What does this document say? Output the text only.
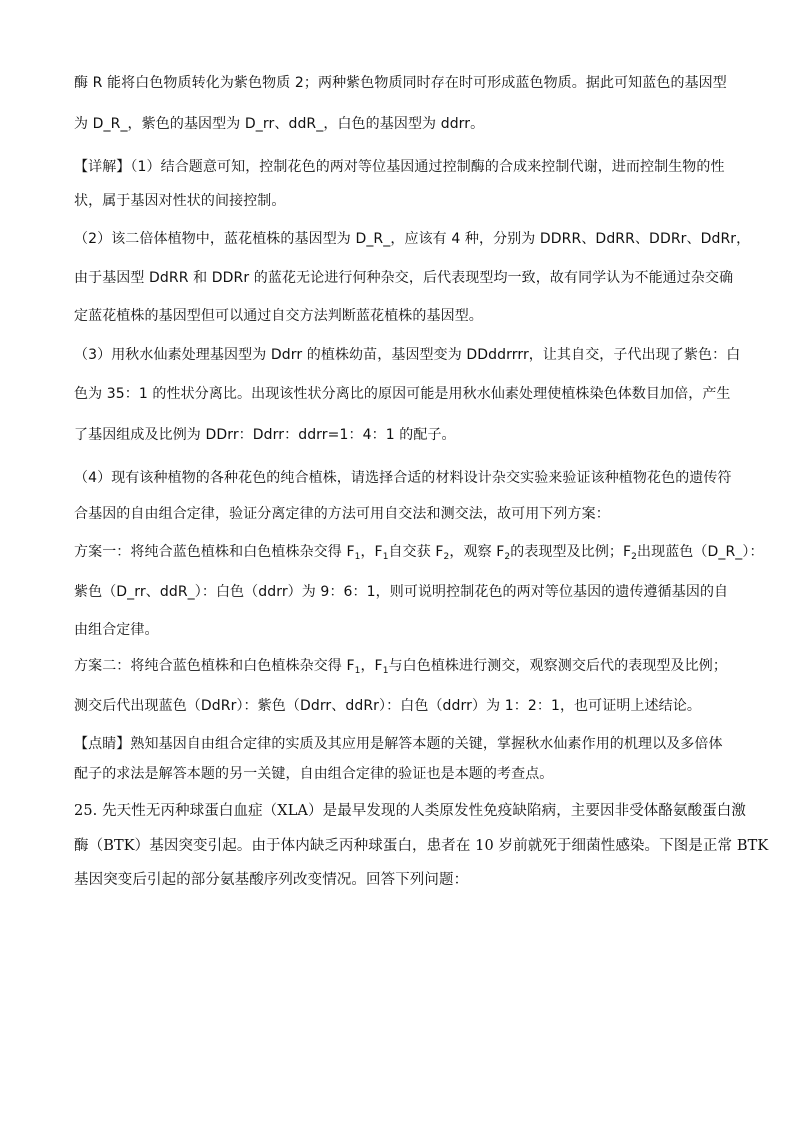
酶 R 能将白色物质转化为紫色物质 2；两种紫色物质同时存在时可形成蓝色物质。据此可知蓝色的基因型
为 D_R_，紫色的基因型为 D_rr、ddR_，白色的基因型为 ddrr。
【详解】（1）结合题意可知，控制花色的两对等位基因通过控制酶的合成来控制代谢，进而控制生物的性
状，属于基因对性状的间接控制。
（2）该二倍体植物中，蓝花植株的基因型为 D_R_，应该有 4 种，分别为 DDRR、DdRR、DDRr、DdRr，
由于基因型 DdRR 和 DDRr 的蓝花无论进行何种杂交，后代表现型均一致，故有同学认为不能通过杂交确
定蓝花植株的基因型但可以通过自交方法判断蓝花植株的基因型。
（3）用秋水仙素处理基因型为 Ddrr 的植株幼苗，基因型变为 DDddrrrr，让其自交，子代出现了紫色：白
色为 35：1 的性状分离比。出现该性状分离比的原因可能是用秋水仙素处理使植株染色体数目加倍，产生
了基因组成及比例为 DDrr：Ddrr：ddrr=1：4：1 的配子。
（4）现有该种植物的各种花色的纯合植株，请选择合适的材料设计杂交实验来验证该种植物花色的遗传符
合基因的自由组合定律，验证分离定律的方法可用自交法和测交法，故可用下列方案：
方案一：将纯合蓝色植株和白色植株杂交得 $F_1$，$F_1$自交获 $F_2$，观察 $F_2$的表现型及比例；$F_2$出现蓝色（D_R_）：
紫色（D_rr、ddR_）：白色（ddrr）为 9：6：1，则可说明控制花色的两对等位基因的遗传遵循基因的自
由组合定律。
方案二：将纯合蓝色植株和白色植株杂交得 $F_1$，$F_1$与白色植株进行测交，观察测交后代的表现型及比例；
测交后代出现蓝色（DdRr）：紫色（Ddrr、ddRr）：白色（ddrr）为 1：2：1，也可证明上述结论。
【点睛】熟知基因自由组合定律的实质及其应用是解答本题的关键，掌握秋水仙素作用的机理以及多倍体
配子的求法是解答本题的另一关键，自由组合定律的验证也是本题的考查点。
25. 先天性无丙种球蛋白血症（XLA）是最早发现的人类原发性免疫缺陷病，主要因非受体酪氨酸蛋白激
酶（BTK）基因突变引起。由于体内缺乏丙种球蛋白，患者在 10 岁前就死于细菌性感染。下图是正常 BTK
基因突变后引起的部分氨基酸序列改变情况。回答下列问题：
